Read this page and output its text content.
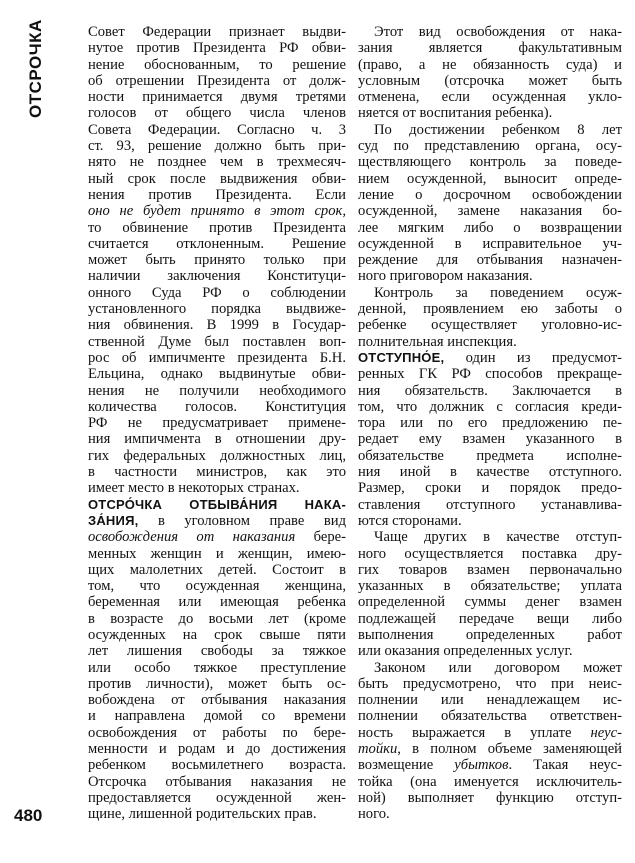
ОТСРОЧКА	Совет Федерации признает выдви-
нутое против Президента РФ обви-
нение обоснованным, то решение
об отрешении Президента от долж-
ности принимается двумя третями
голосов от общего числа членов
Совета Федерации. Согласно ч. 3
ст. 93, решение должно быть при-
нято не позднее чем в трехмесяч-
ный срок после выдвижения обви-
нения против Президента. Если
оно не будет принято в этот срок,
то обвинение против Президента
считается отклоненным. Решение
может быть принято только при
наличии заключения Конституци-
онного Суда РФ о соблюдении
установленного порядка выдвиже-
ния обвинения. В 1999 в Государ-
ственной Думе был поставлен воп-
рос об импичменте президента Б.Н.
Ельцина, однако выдвинутые обви-
нения не получили необходимого
количества голосов. Конституция
РФ не предусматривает примене-
ния импичмента в отношении дру-
гих федеральных должностных лиц,
в частности министров, как это
имеет место в некоторых странах.
ОТСРО́ЧКА ОТБЫВА́НИЯ НАКА-
ЗА́НИЯ, в уголовном праве вид
освобождения от наказания бере-
менных женщин и женщин, имею-
щих малолетних детей. Состоит в
том, что осужденная женщина,
беременная или имеющая ребенка
в возрасте до восьми лет (кроме
осужденных на срок свыше пяти
лет лишения свободы за тяжкое
или особо тяжкое преступление
против личности), может быть ос-
вобождена от отбывания наказания
и направлена домой со времени
освобождения от работы по бере-
менности и родам и до достижения
ребенком восьмилетнего возраста.
Отсрочка отбывания наказания не
предоставляется осужденной жен-
щине, лишенной родительских прав.
Этот вид освобождения от нака-
зания является факультативным
(право, а не обязанность суда) и
условным (отсрочка может быть
отменена, если осужденная укло-
няется от воспитания ребенка).
По достижении ребенком 8 лет
суд по представлению органа, осу-
ществляющего контроль за поведе-
нием осужденной, выносит опреде-
ление о досрочном освобождении
осужденной, замене наказания бо-
лее мягким либо о возвращении
осужденной в исправительное уч-
реждение для отбывания назначен-
ного приговором наказания.
Контроль за поведением осуж-
денной, проявлением ею заботы о
ребенке осуществляет уголовно-ис-
полнительная инспекция.
ОТСТУПНО́Е, один из предусмот-
ренных ГК РФ способов прекраще-
ния обязательств. Заключается в
том, что должник с согласия креди-
тора или по его предложению пе-
редает ему взамен указанного в
обязательстве предмета исполне-
ния иной в качестве отступного.
Размер, сроки и порядок предо-
ставления отступного устанавлива-
ются сторонами.
Чаще других в качестве отступ-
ного осуществляется поставка дру-
гих товаров взамен первоначально
указанных в обязательстве; уплата
определенной суммы денег взамен
подлежащей передаче вещи либо
выполнения определенных работ
или оказания определенных услуг.
Законом или договором может
быть предусмотрено, что при неис-
полнении или ненадлежащем ис-
полнении обязательства ответствен-
ность выражается в уплате неус-
тойки, в полном объеме заменяющей
возмещение убытков. Такая неус-
тойка (она именуется исключитель-
ной) выполняет функцию отступ-
ного.
480
